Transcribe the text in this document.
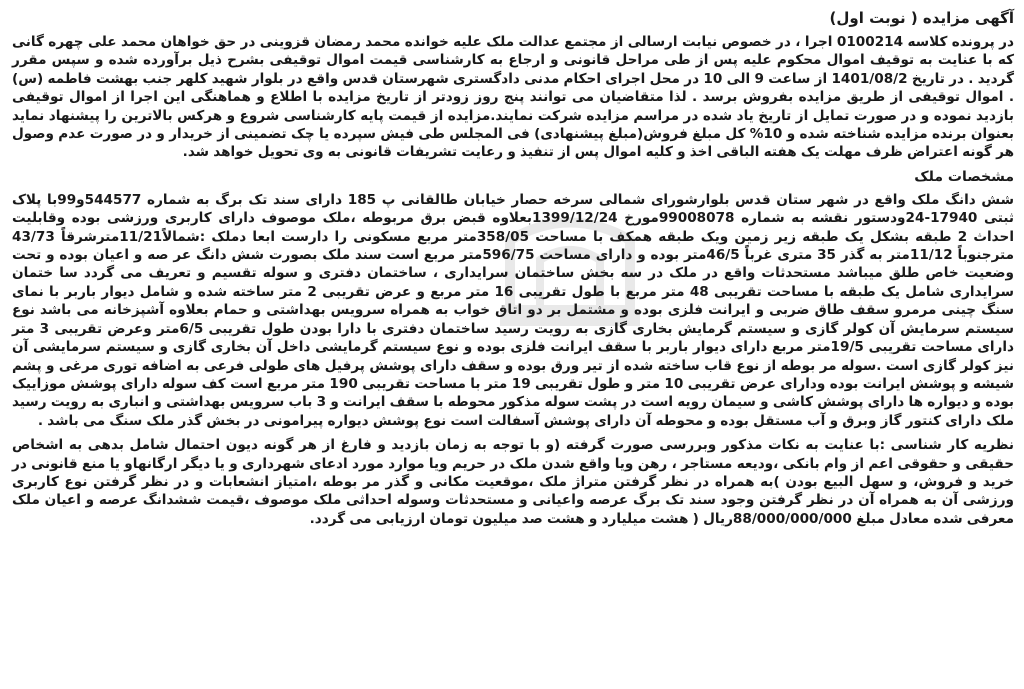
آگهی مزایده ( نوبت اول)

در پرونده کلاسه 0100214 اجرا ، در خصوص نیابت ارسالی از مجتمع عدالت ملک علیه خوانده محمد رمضان قزوینی در حق خواهان محمد علی چهره گانی که با عنایت به توقیف اموال محکوم علیه پس از طی مراحل قانونی و ارجاع به کارشناسی قیمت اموال توقیفی بشرح ذیل برآورده شده و سپس مقرر گردید . در تاریخ 1401/08/2 از ساعت 9 الی 10 در محل اجرای احکام مدنی دادگستری شهرستان قدس واقع در بلوار شهید کلهر جنب بهشت فاطمه (س) . اموال توقیفی از طریق مزایده بفروش برسد . لذا متقاضیان می توانند پنج روز زودتر از تاریخ مزایده با اطلاع و هماهنگی این اجرا از اموال توقیفی بازدید نموده و در صورت تمایل از تاریخ یاد شده در مراسم مزایده شرکت نمایند.مزایده از قیمت پایه کارشناسی شروع و هرکس بالاترین را پیشنهاد نماید بعنوان برنده مزایده شناخته شده و 10% کل مبلغ فروش(مبلغ پیشنهادی) فی المجلس طی فیش سپرده یا چک تضمینی از خریدار و در صورت عدم وصول هر گونه اعتراض ظرف مهلت یک هفته الباقی اخذ و کلیه اموال پس از تنفیذ و رعایت تشریفات قانونی به وی تحویل خواهد شد.

مشخصات ملک

شش دانگ ملک واقع در شهر ستان قدس بلوارشورای شمالی سرخه حصار خیابان طالقانی پ 185 دارای سند تک برگ به شماره 544577و99با پلاک ثبتی 17940-24ودستور نقشه به شماره 99008078مورخ 1399/12/24بعلاوه قبض برق مربوطه ،ملک موصوف دارای کاربری ورزشی بوده وقابلیت احداث 2 طبقه بشکل یک طبقه زیر زمین ویک طبقه همکف با مساحت 358/05متر مربع مسکونی را دارست ابعا دملک :شمالاً11/21مترشرقاً 43/73 مترجنوباً 11/12متر به گذر 35 متری غرباً 46/5متر بوده و دارای مساحت 596/75متر مربع است سند ملک بصورت شش دانگ عر صه و اعیان بوده و تحت وضعیت خاص طلق میباشد مستحدثات واقع در ملک در سه بخش ساختمان سرایداری ، ساختمان دفتری و سوله تقسیم و تعریف می گردد سا ختمان سرایداری شامل یک طبقه با مساحت تقریبی 48 متر مربع با طول تقریبی 16 متر مربع و عرض تقریبی 2 متر ساخته شده و شامل دیوار باربر با نمای سنگ چینی مرمرو سقف طاق ضربی و ایرانت فلزی بوده و مشتمل بر دو اتاق خواب به همراه سرویس بهداشتی و حمام بعلاوه آشپزخانه می باشد نوع سیستم سرمایش آن کولر گازی و سیستم گرمایش بخاری گازی به رویت رسید ساختمان دفتری با دارا بودن طول تقریبی 6/5متر وعرض تقریبی 3 متر دارای مساحت تقریبی 19/5متر مربع دارای دیوار باربر با سقف ایرانت فلزی بوده و نوع سیستم گرمایشی داخل آن بخاری گازی و سیستم سرمایشی آن نیز کولر گازی است .سوله مر بوطه از نوع قاب ساخته شده از تیر ورق بوده و سقف دارای پوشش پرفیل های طولی فرعی به اضافه توری مرغی و پشم شیشه و پوشش ایرانت بوده ودارای عرض تقریبی 10 متر و طول تقریبی 19 متر با مساحت تقریبی 190 متر مربع است کف سوله دارای پوشش موزاییک بوده و دیواره ها دارای پوشش کاشی و سیمان رویه است در پشت سوله مذکور محوطه با سقف ایرانت و 3 باب سرویس بهداشتی و انباری به رویت رسید ملک دارای کنتور گاز وبرق و آب مستقل بوده و محوطه آن دارای پوشش آسفالت است نوع پوشش دیواره پیرامونی در بخش گذر ملک سنگ می باشد .

نظریه کار شناسی :با عنایت به نکات مذکور وبررسی صورت گرفته (و با توجه به زمان بازدید و فارغ از هر گونه دیون احتمال شامل بدهی به اشخاص حقیقی و حقوقی اعم از وام بانکی ،ودیعه مستاجر ، رهن ویا واقع شدن ملک در حریم ویا موارد مورد ادعای شهرداری و یا دیگر ارگانهاو یا منع قانونی در خرید و فروش، و سهل البیع بودن )به همراه در نظر گرفتن متراژ ملک ،موقعیت مکانی و گذر مر بوطه ،امتیاز انشعابات و در نظر گرفتن نوع کاربری ورزشی آن به همراه آن در نظر گرفتن وجود سند تک برگ عرصه واعیانی و مستحدثات وسوله احداثی ملک موصوف ،قیمت ششدانگ عرصه و اعیان ملک معرفی شده معادل مبلغ 88/000/000/000ریال ( هشت میلیارد و هشت صد میلیون تومان ارزیابی می گردد.
